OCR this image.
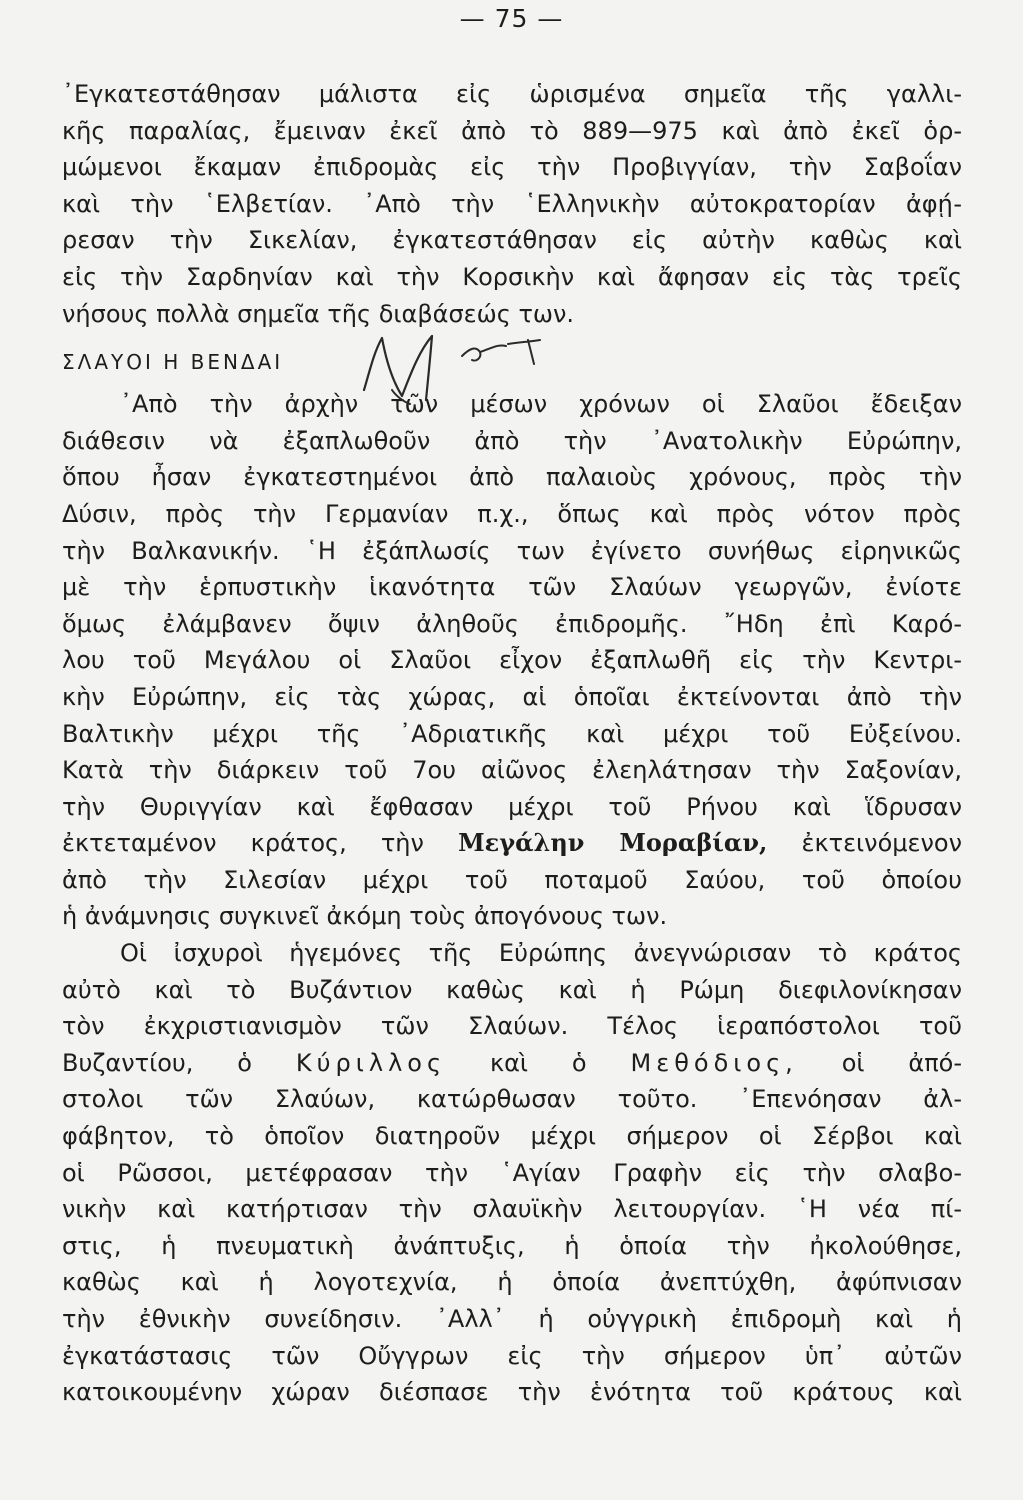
— 75 —
᾿Εγκατεστάθησαν μάλιστα εἰς ὡρισμένα σημεῖα τῆς γαλλι-
κῆς παραλίας, ἔμειναν ἐκεῖ ἀπὸ τὸ 889—975 καὶ ἀπὸ ἐκεῖ ὁρ-
μώμενοι ἔκαμαν ἐπιδρομὰς εἰς τὴν Προβιγγίαν, τὴν Σαβοΐαν
καὶ τὴν ῾Ελβετίαν. ᾿Απὸ τὴν ῾Ελληνικὴν αὐτοκρατορίαν ἀφῄ-
ρεσαν τὴν Σικελίαν, ἐγκατεστάθησαν εἰς αὐτὴν καθὼς καὶ
εἰς τὴν Σαρδηνίαν καὶ τὴν Κορσικὴν καὶ ἄφησαν εἰς τὰς τρεῖς
νήσους πολλὰ σημεῖα τῆς διαβάσεώς των.
ΣΛΑΥΟΙ Η ΒΕΝΔΑΙ
᾿Απὸ τὴν ἀρχὴν τῶν μέσων χρόνων οἱ Σλαῦοι ἔδειξαν
διάθεσιν νὰ ἐξαπλωθοῦν ἀπὸ τὴν ᾿Ανατολικὴν Εὐρώπην,
ὅπου ἦσαν ἐγκατεστημένοι ἀπὸ παλαιοὺς χρόνους, πρὸς τὴν
Δύσιν, πρὸς τὴν Γερμανίαν π.χ., ὅπως καὶ πρὸς νότον πρὸς
τὴν Βαλκανικήν. ῾Η ἐξάπλωσίς των ἐγίνετο συνήθως εἰρηνικῶς
μὲ τὴν ἑρπυστικὴν ἱκανότητα τῶν Σλαύων γεωργῶν, ἐνίοτε
ὅμως ἐλάμβανεν ὄψιν ἀληθοῦς ἐπιδρομῆς. ῎Ηδη ἐπὶ Καρό-
λου τοῦ Μεγάλου οἱ Σλαῦοι εἶχον ἐξαπλωθῆ εἰς τὴν Κεντρι-
κὴν Εὐρώπην, εἰς τὰς χώρας, αἱ ὁποῖαι ἐκτείνονται ἀπὸ τὴν
Βαλτικὴν μέχρι τῆς ᾿Αδριατικῆς καὶ μέχρι τοῦ Εὐξείνου.
Κατὰ τὴν διάρκειν τοῦ 7ου αἰῶνος ἐλεηλάτησαν τὴν Σαξονίαν,
τὴν Θυριγγίαν καὶ ἔφθασαν μέχρι τοῦ Ρήνου καὶ ἵδρυσαν
ἐκτεταμένον κράτος, τὴν Μεγάλην Μοραβίαν, ἐκτεινόμενον
ἀπὸ τὴν Σιλεσίαν μέχρι τοῦ ποταμοῦ Σαύου, τοῦ ὁποίου
ἡ ἀνάμνησις συγκινεῖ ἀκόμη τοὺς ἀπογόνους των.
Οἱ ἰσχυροὶ ἡγεμόνες τῆς Εὐρώπης ἀνεγνώρισαν τὸ κράτος
αὐτὸ καὶ τὸ Βυζάντιον καθὼς καὶ ἡ Ρώμη διεφιλονίκησαν
τὸν ἐκχριστιανισμὸν τῶν Σλαύων. Τέλος ἱεραπόστολοι τοῦ
Βυζαντίου, ὁ Κύριλλος καὶ ὁ Μεθόδιος, οἱ ἀπό-
στολοι τῶν Σλαύων, κατώρθωσαν τοῦτο. ᾿Επενόησαν ἀλ-
φάβητον, τὸ ὁποῖον διατηροῦν μέχρι σήμερον οἱ Σέρβοι καὶ
οἱ Ρῶσσοι, μετέφρασαν τὴν ῾Αγίαν Γραφὴν εἰς τὴν σλαβο-
νικὴν καὶ κατήρτισαν τὴν σλαυϊκὴν λειτουργίαν. ῾Η νέα πί-
στις, ἡ πνευματικὴ ἀνάπτυξις, ἡ ὁποία τὴν ἠκολούθησε,
καθὼς καὶ ἡ λογοτεχνία, ἡ ὁποία ἀνεπτύχθη, ἀφύπνισαν
τὴν ἐθνικὴν συνείδησιν. ᾿Αλλ᾿ ἡ οὐγγρικὴ ἐπιδρομὴ καὶ ἡ
ἐγκατάστασις τῶν Οὔγγρων εἰς τὴν σήμερον ὑπ᾿ αὐτῶν
κατοικουμένην χώραν διέσπασε τὴν ἑνότητα τοῦ κράτους καὶ
